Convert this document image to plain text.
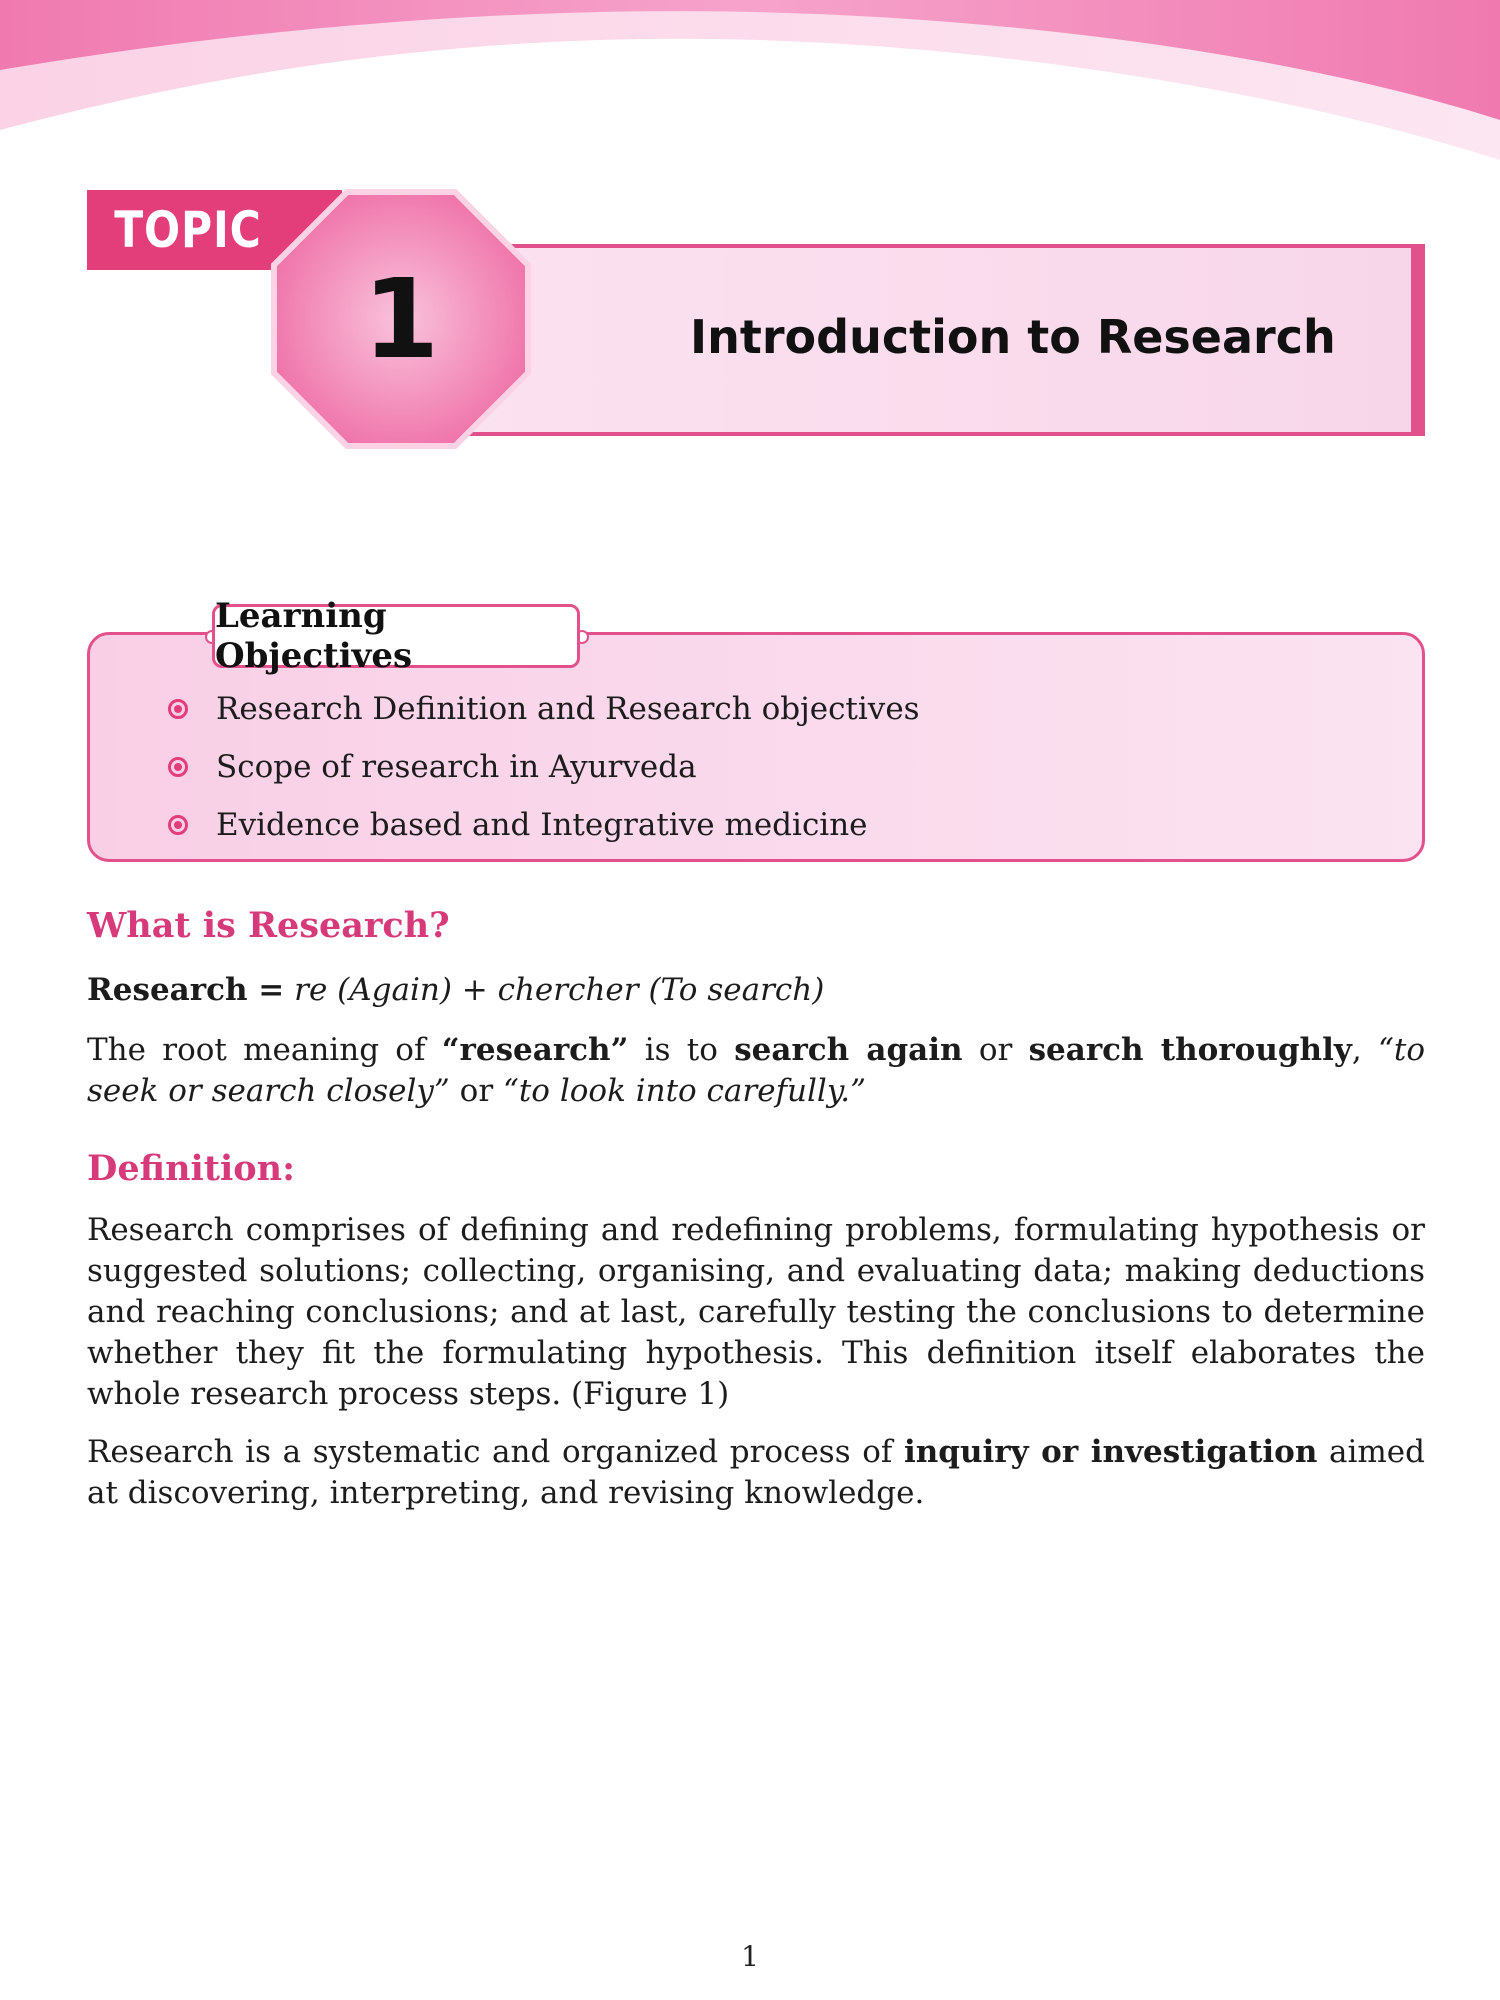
TOPIC
Introduction to Research
1
Learning Objectives
Research Definition and Research objectives
Scope of research in Ayurveda
Evidence based and Integrative medicine
What is Research?

Research = re (Again) + chercher (To search)

The root meaning of “research” is to search again or search thoroughly, “to seek or search closely” or “to look into carefully.”

Definition:

Research comprises of defining and redefining problems, formulating hypothesis or suggested solutions; collecting, organising, and evaluating data; making deductions and reaching conclusions; and at last, carefully testing the conclusions to determine whether they fit the formulating hypothesis. This definition itself elaborates the whole research process steps. (Figure 1)

Research is a systematic and organized process of inquiry or investigation aimed at discovering, interpreting, and revising knowledge.

1
